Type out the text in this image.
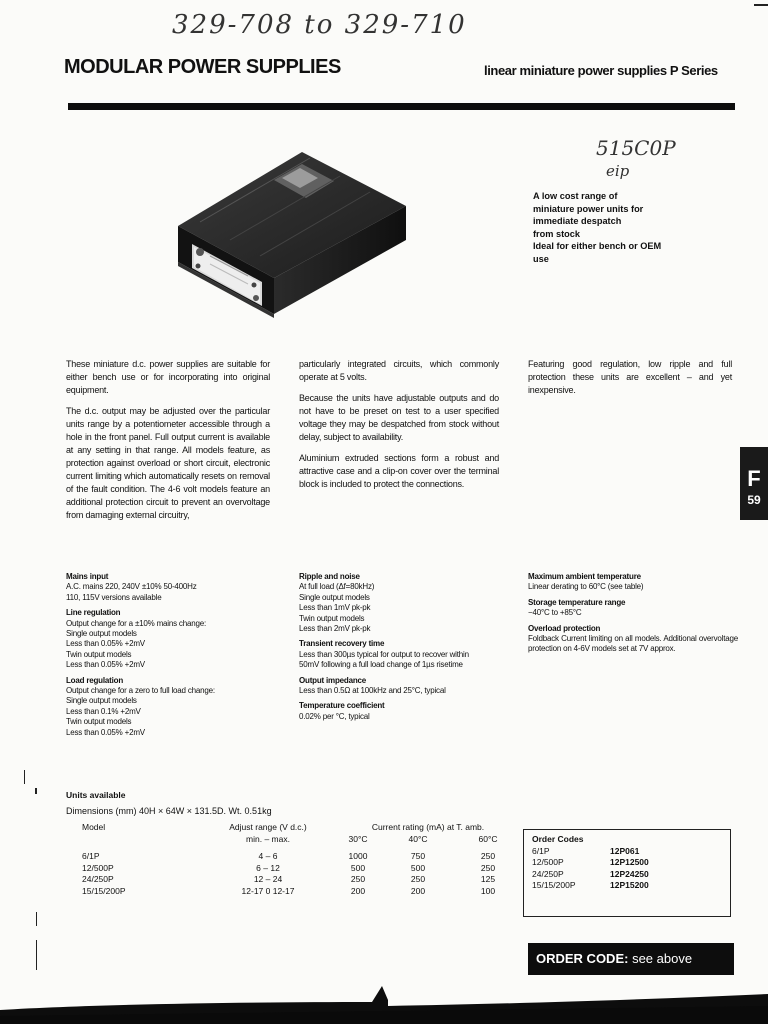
329-708 to 329-710
515C0P
eip
MODULAR POWER SUPPLIES	linear miniature power supplies P Series
A low cost range of
miniature power units for
immediate despatch
from stock
Ideal for either bench or OEM
use

These miniature d.c. power supplies are suitable for either bench use or for incorporating into original equipment.

The d.c. output may be adjusted over the particular units range by a potentiometer accessible through a hole in the front panel. Full output current is available at any setting in that range. All models feature, as protection against overload or short circuit, electronic current limiting which automatically resets on removal of the fault condition. The 4-6 volt models feature an additional protection circuit to prevent an overvoltage from damaging external circuitry,

particularly integrated circuits, which commonly operate at 5 volts.

Because the units have adjustable outputs and do not have to be preset on test to a user specified voltage they may be despatched from stock without delay, subject to availability.

Aluminium extruded sections form a robust and attractive case and a clip-on cover over the terminal block is included to protect the connections.

Featuring good regulation, low ripple and full protection these units are excellent – and yet inexpensive.

F
59
Mains input
A.C. mains 220, 240V ±10% 50-400Hz
110, 115V versions available
Line regulation
Output change for a ±10% mains change:
Single output models
Less than 0.05% +2mV
Twin output models
Less than 0.05% +2mV
Load regulation
Output change for a zero to full load change:
Single output models
Less than 0.1% +2mV
Twin output models
Less than 0.05% +2mV
Ripple and noise
At full load (Δf=80kHz)
Single output models
Less than 1mV pk-pk
Twin output models
Less than 2mV pk-pk
Transient recovery time
Less than 300µs typical for output to recover within
50mV following a full load change of 1µs risetime
Output impedance
Less than 0.5Ω at 100kHz and 25°C, typical
Temperature coefficient
0.02% per °C, typical
Maximum ambient temperature
Linear derating to 60°C (see table)
Storage temperature range
−40°C to +85°C
Overload protection
Foldback Current limiting on all models. Additional overvoltage protection on 4-6V models set at 7V approx.
Units available
Dimensions (mm) 40H × 64W × 131.5D. Wt. 0.51kg
Model	Adjust range (V d.c.)	Current rating (mA) at T. amb.		
	min. – max.	30°C	40°C	60°C

6/1P	4 – 6	1000	750	250
12/500P	6 – 12	500	500	250
24/250P	12 – 24	250	250	125
15/15/200P	12-17 0 12-17	200	200	100
Order Codes
6/1P	12P061
12/500P	12P12500
24/250P	12P24250
15/15/200P	12P15200
ORDER CODE: see above
